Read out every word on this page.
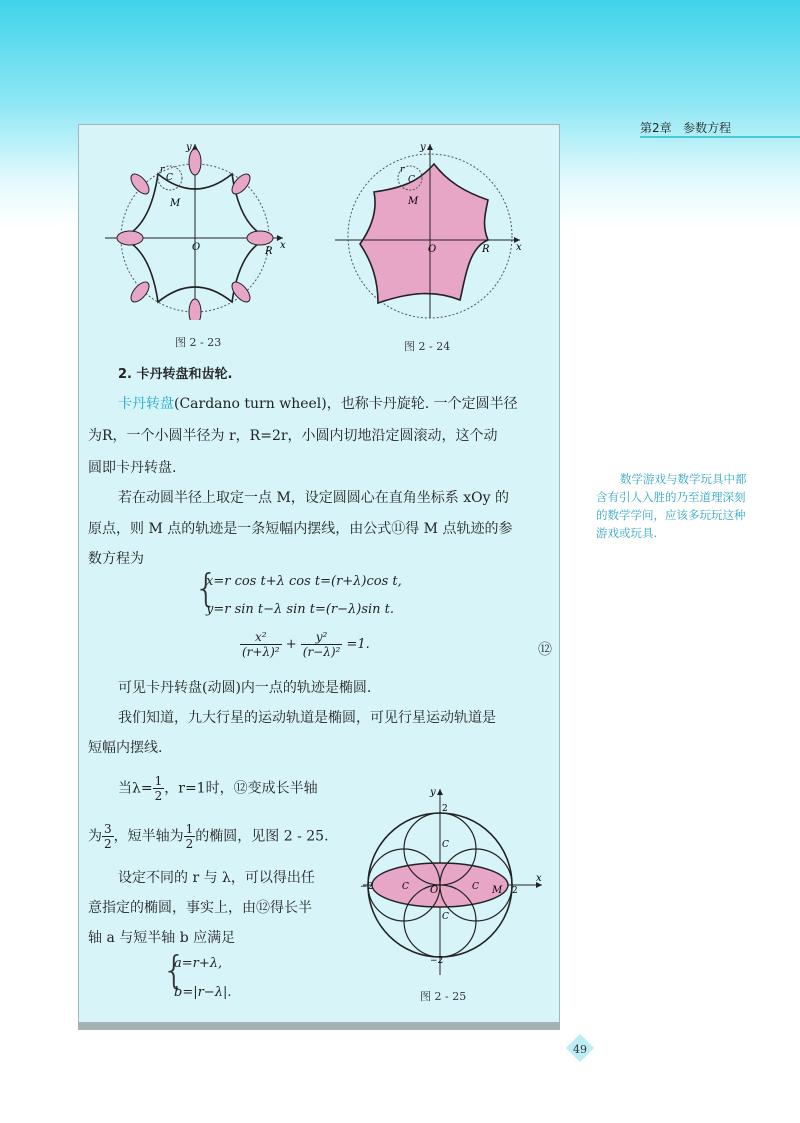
第2章 参数方程
y
x
O	R
M
C
r
图 2 - 23
y
x
O	R
M
C
r
图 2 - 24
2. 卡丹转盘和齿轮.
卡丹转盘(Cardano turn wheel)，也称卡丹旋轮. 一个定圆半径
为R，一个小圆半径为 r，R=2r，小圆内切地沿定圆滚动，这个动
圆即卡丹转盘.
若在动圆半径上取定一点 M，设定圆圆心在直角坐标系 xOy 的
原点，则 M 点的轨迹是一条短幅内摆线，由公式⑪得 M 点轨迹的参
数方程为
{
x=r cos t+λ cos t=(r+λ)cos t,
y=r sin t−λ sin t=(r−λ)sin t.
$\frac{\text{x²}}{\text{(r+λ)²}} + \frac{\text{y²}}{\text{(r−λ)²}} =1$.	⑫
可见卡丹转盘(动圆)内一点的轨迹是椭圆.
我们知道，九大行星的运动轨道是椭圆，可见行星运动轨道是
短幅内摆线.
当$\lambda= \frac{1}{2}$ ，r=1时，⑫变成长半轴
为 $\frac{3}{2}$ ，短半轴为 $\frac{1}{2}$ 的椭圆，见图 2 - 25.
设定不同的 r 与 λ，可以得出任
意指定的椭圆，事实上，由⑫得长半
轴 a 与短半轴 b 应满足
{
a=r+λ,
b=|r−λ|.
y
2
x
O	M
C
C
C	C	2
−2
−2
图 2 - 25
数学游戏与数学玩具中都含有引人入胜的乃至道理深刻的数学学问，应该多玩玩这种游戏或玩具.
49
